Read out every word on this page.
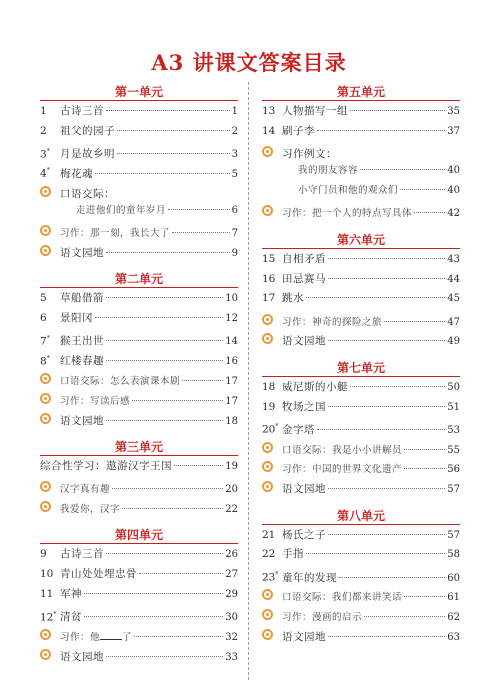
A3 讲课文答案目录
第一单元
1	古诗三首	1
2	祖父的园子	2
3* 月是故乡明	3
4* 梅花魂	5
口语交际：
走进他们的童年岁月	6
习作：那一刻，我长大了	7
语文园地	9
第二单元
5	草船借箭	10
6	景阳冈	12
7* 猴王出世	14
8* 红楼春趣	16
口语交际：怎么表演课本剧	17
习作：写读后感	17
语文园地	18
第三单元
综合性学习：遨游汉字王国	19
汉字真有趣	20
我爱你，汉字	22
第四单元
9	古诗三首	26
10 青山处处埋忠骨	27
11 军神	29
12* 清贫	30
习作：他 了	32
语文园地	33
第五单元
13 人物描写一组	35
14 刷子李	37
习作例文：
我的朋友容容	40
小守门员和他的观众们	40
习作：把一个人的特点写具体	42
第六单元
15 自相矛盾	43
16 田忌赛马	44
17 跳水	45
习作：神奇的探险之旅	47
语文园地	49
第七单元
18 威尼斯的小艇	50
19 牧场之国	51
20* 金字塔	53
口语交际：我是小小讲解员	55
习作：中国的世界文化遗产	56
语文园地	57
第八单元
21 杨氏之子	57
22 手指	58
23* 童年的发现	60
口语交际：我们都来讲笑话	61
习作：漫画的启示	62
语文园地	63
